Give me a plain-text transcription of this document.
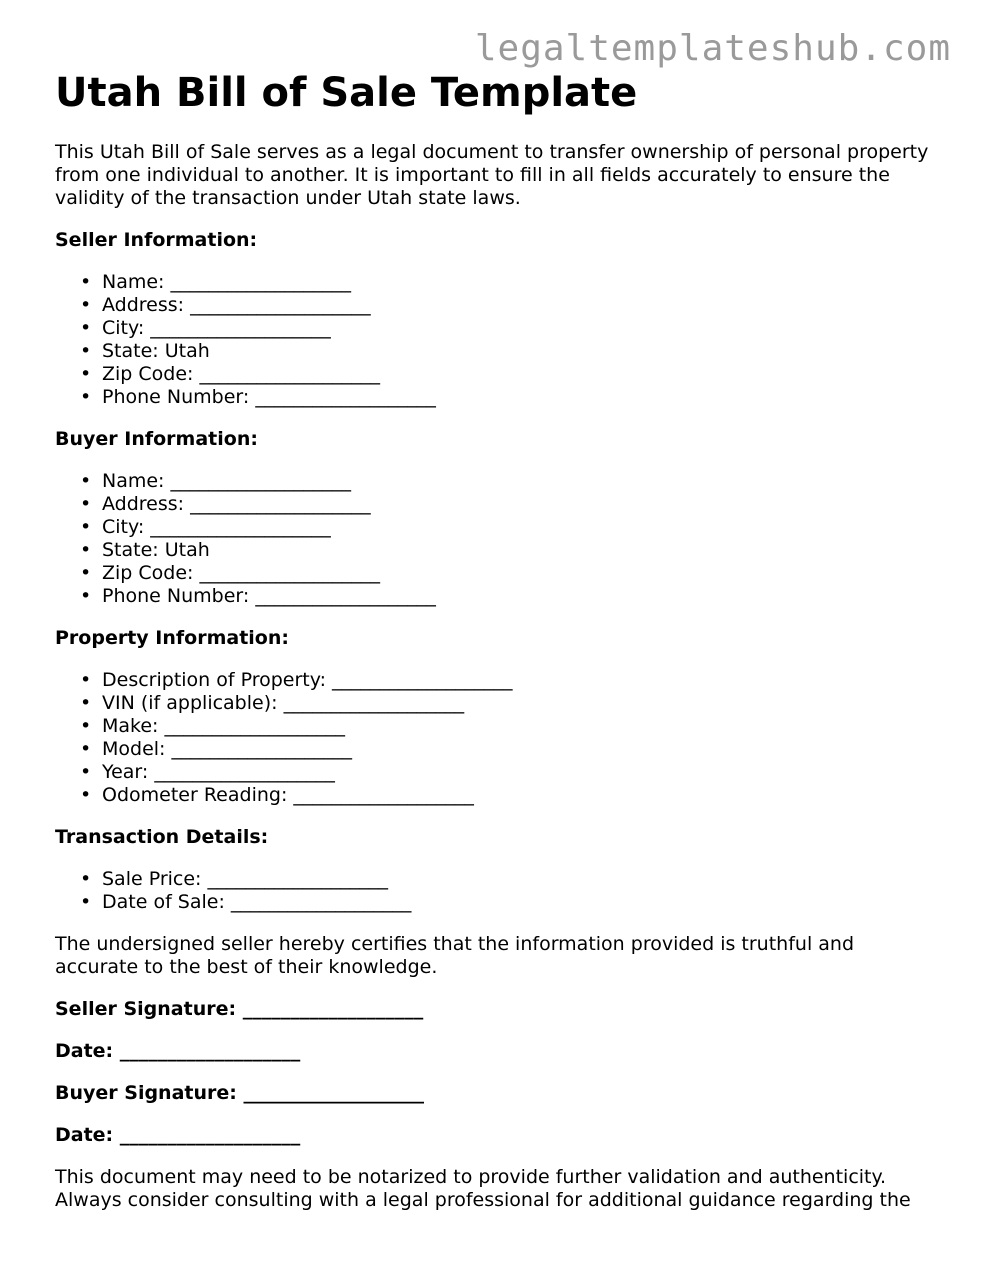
legaltemplateshub.com
Utah Bill of Sale Template

This Utah Bill of Sale serves as a legal document to transfer ownership of personal property from one individual to another. It is important to fill in all fields accurately to ensure the validity of the transaction under Utah state laws.

Seller Information:
• Name: ___________________
• Address: ___________________
• City: ___________________
• State: Utah
• Zip Code: ___________________
• Phone Number: ___________________
Buyer Information:
• Name: ___________________
• Address: ___________________
• City: ___________________
• State: Utah
• Zip Code: ___________________
• Phone Number: ___________________
Property Information:
• Description of Property: ___________________
• VIN (if applicable): ___________________
• Make: ___________________
• Model: ___________________
• Year: ___________________
• Odometer Reading: ___________________
Transaction Details:
• Sale Price: ___________________
• Date of Sale: ___________________

The undersigned seller hereby certifies that the information provided is truthful and accurate to the best of their knowledge.

Seller Signature: ___________________
Date: ___________________
Buyer Signature: ___________________
Date: ___________________

This document may need to be notarized to provide further validation and authenticity. Always consider consulting with a legal professional for additional guidance regarding the
